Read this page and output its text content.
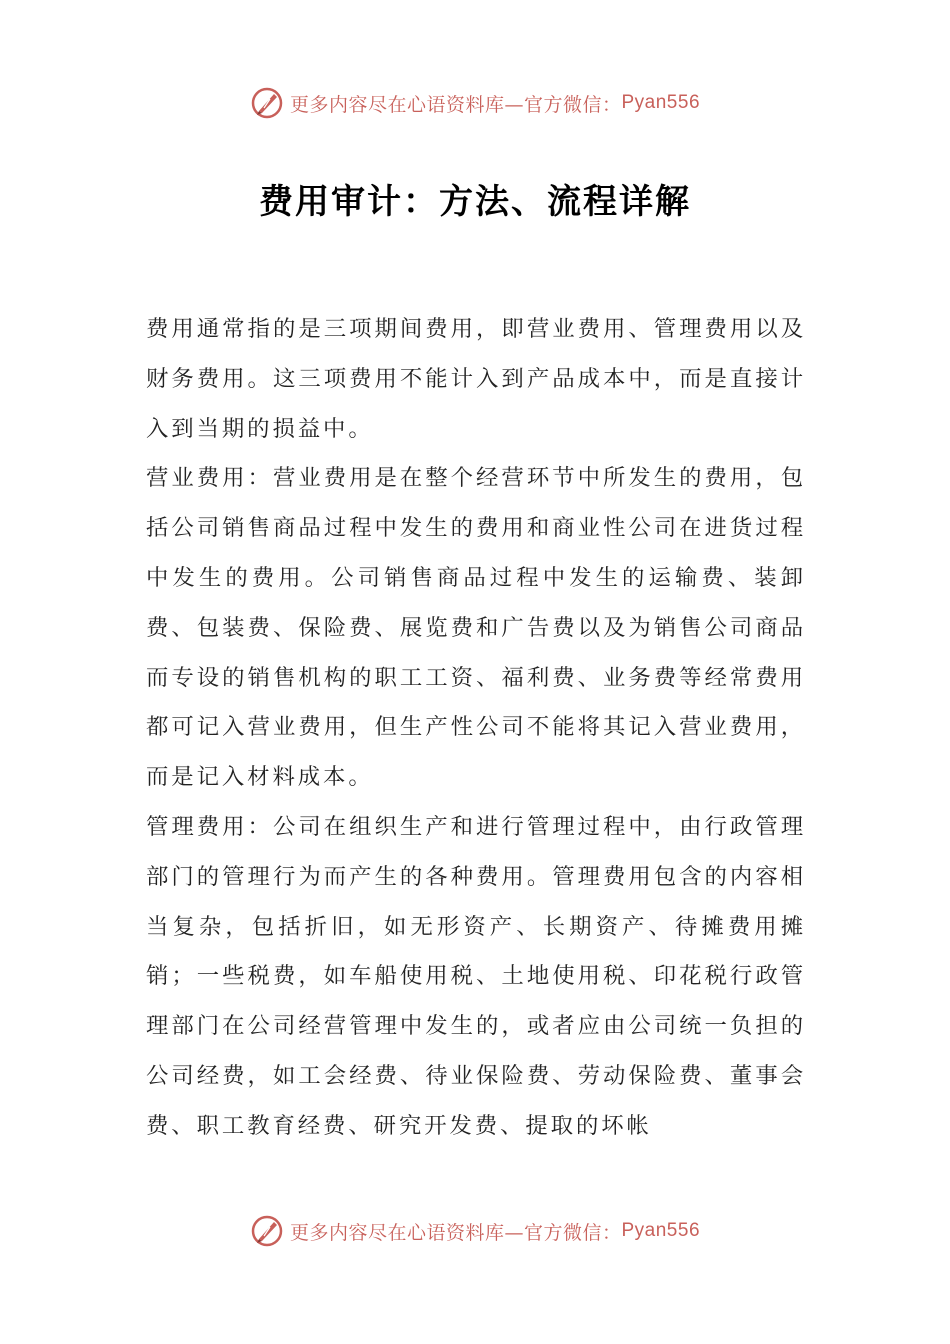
更多内容尽在心语资料库—官方微信： Pyan556
费用审计：方法、流程详解

费用通常指的是三项期间费用，即营业费用、管理费用以及财务费用。这三项费用不能计入到产品成本中，而是直接计入到当期的损益中。

营业费用：营业费用是在整个经营环节中所发生的费用，包括公司销售商品过程中发生的费用和商业性公司在进货过程中发生的费用。公司销售商品过程中发生的运输费、装卸费、包装费、保险费、展览费和广告费以及为销售公司商品而专设的销售机构的职工工资、福利费、业务费等经常费用都可记入营业费用，但生产性公司不能将其记入营业费用，而是记入材料成本。

管理费用：公司在组织生产和进行管理过程中，由行政管理部门的管理行为而产生的各种费用。管理费用包含的内容相当复杂，包括折旧，如无形资产、长期资产、待摊费用摊销；一些税费，如车船使用税、土地使用税、印花税行政管理部门在公司经营管理中发生的，或者应由公司统一负担的公司经费，如工会经费、待业保险费、劳动保险费、董事会费、职工教育经费、研究开发费、提取的坏帐

更多内容尽在心语资料库—官方微信： Pyan556
